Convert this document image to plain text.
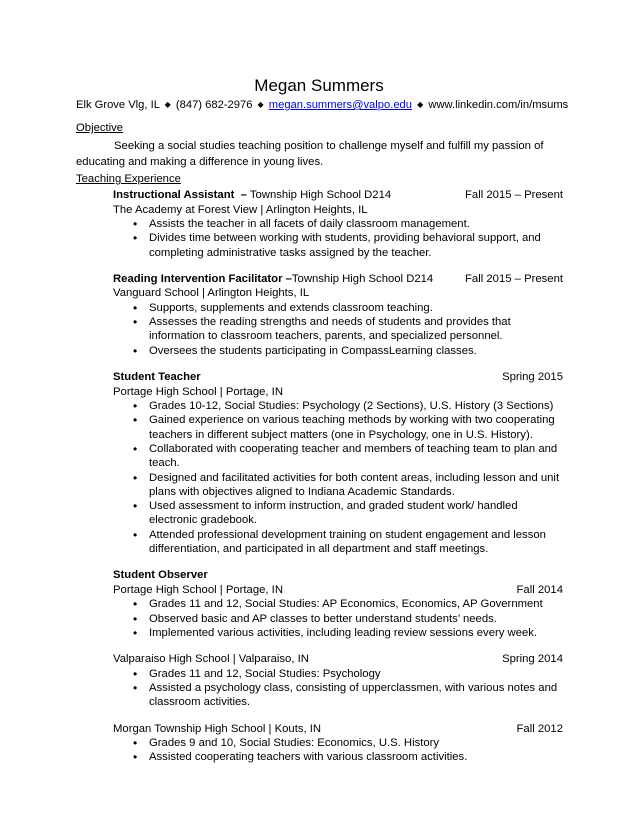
Megan Summers
Elk Grove Vlg, IL ◆ (847) 682-2976 ◆ megan.summers@valpo.edu ◆ www.linkedin.com/in/msums
Objective
Seeking a social studies teaching position to challenge myself and fulfill my passion of educating and making a difference in young lives.
Teaching Experience
Instructional Assistant  – Township High School D214	Fall 2015 – Present
The Academy at Forest View | Arlington Heights, IL
• Assists the teacher in all facets of daily classroom management.
• Divides time between working with students, providing behavioral support, and completing administrative tasks assigned by the teacher.
Reading Intervention Facilitator –Township High School D214	Fall 2015 – Present
Vanguard School | Arlington Heights, IL
• Supports, supplements and extends classroom teaching.
• Assesses the reading strengths and needs of students and provides that information to classroom teachers, parents, and specialized personnel.
• Oversees the students participating in CompassLearning classes.
Student Teacher	Spring 2015
Portage High School | Portage, IN
• Grades 10-12, Social Studies: Psychology (2 Sections), U.S. History (3 Sections)
• Gained experience on various teaching methods by working with two cooperating teachers in different subject matters (one in Psychology, one in U.S. History).
• Collaborated with cooperating teacher and members of teaching team to plan and teach.
• Designed and facilitated activities for both content areas, including lesson and unit plans with objectives aligned to Indiana Academic Standards.
• Used assessment to inform instruction, and graded student work/ handled electronic gradebook.
• Attended professional development training on student engagement and lesson differentiation, and participated in all department and staff meetings.
Student Observer
Portage High School | Portage, IN	Fall 2014
• Grades 11 and 12, Social Studies: AP Economics, Economics, AP Government
• Observed basic and AP classes to better understand students’ needs.
• Implemented various activities, including leading review sessions every week.
Valparaiso High School | Valparaiso, IN	Spring 2014
• Grades 11 and 12, Social Studies: Psychology
• Assisted a psychology class, consisting of upperclassmen, with various notes and classroom activities.
Morgan Township High School | Kouts, IN	Fall 2012
• Grades 9 and 10, Social Studies: Economics, U.S. History
• Assisted cooperating teachers with various classroom activities.
